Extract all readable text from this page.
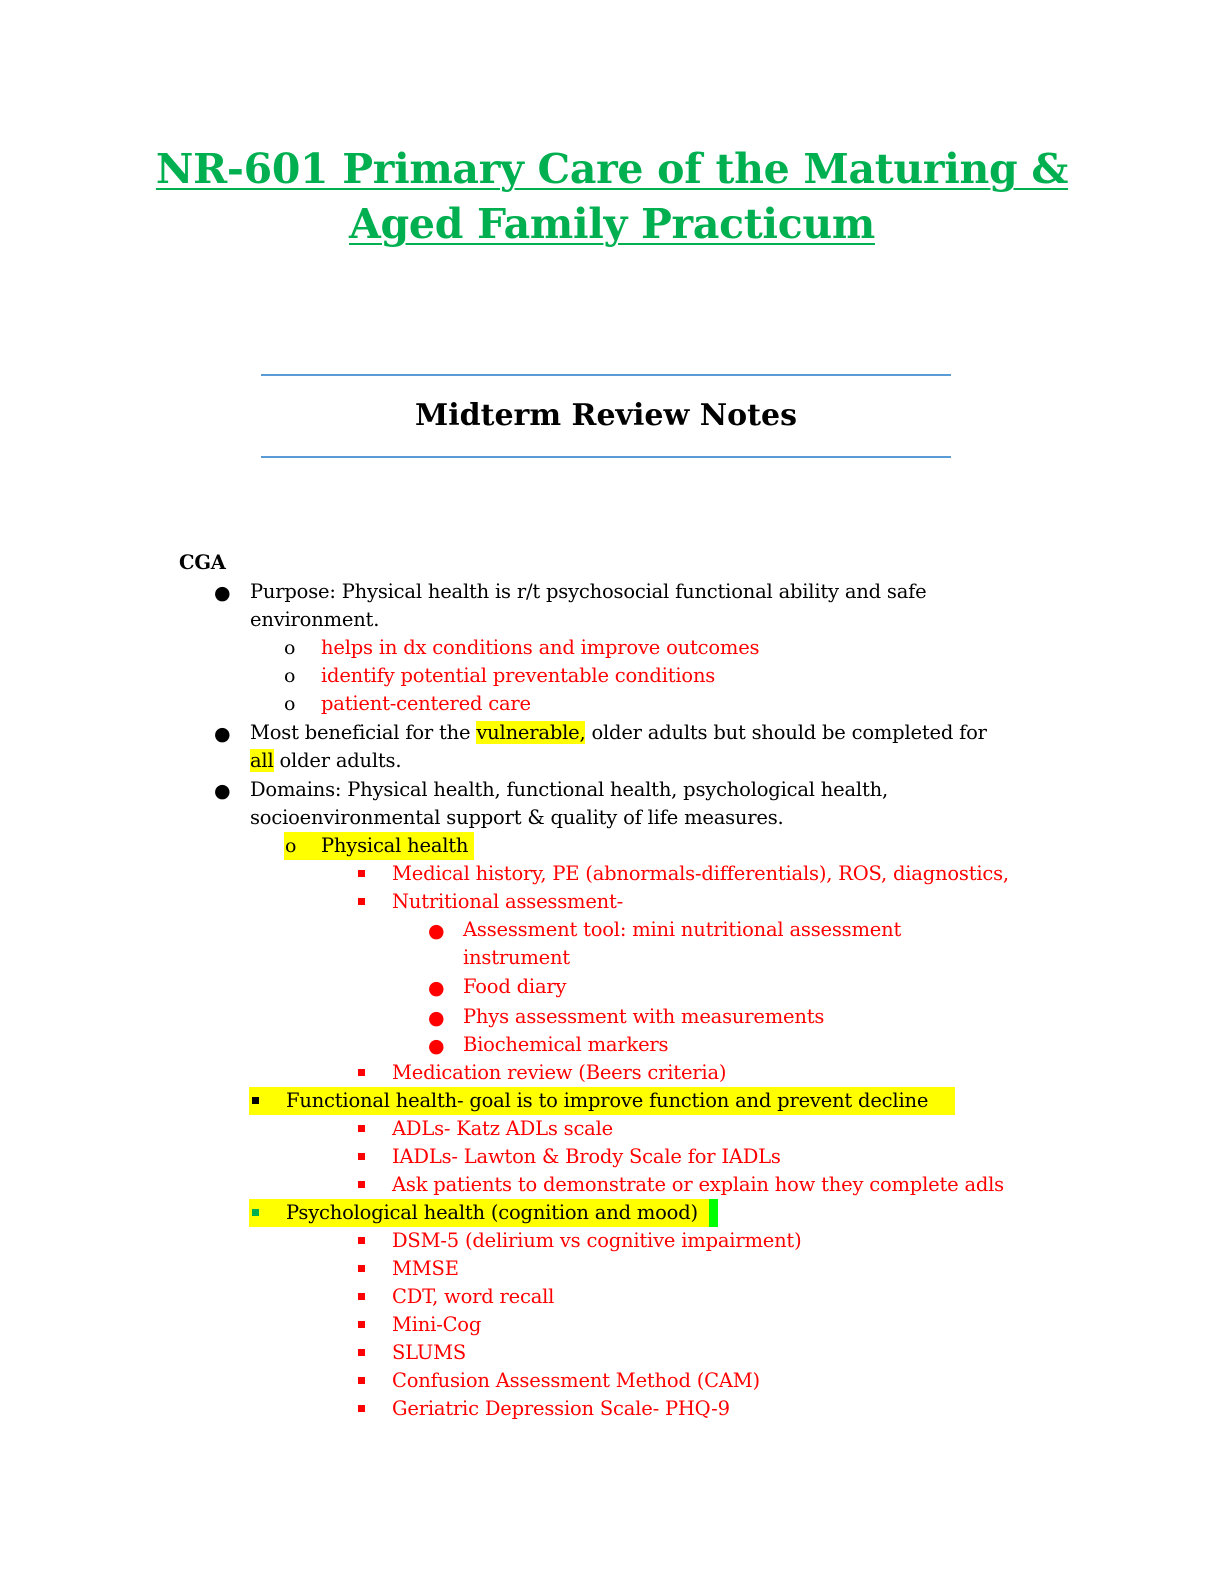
NR-601 Primary Care of the Maturing &
Aged Family Practicum
Midterm Review Notes
CGA
● Purpose: Physical health is r/t psychosocial functional ability and safe
environment.
o helps in dx conditions and improve outcomes
o identify potential preventable conditions
o patient-centered care
● Most beneficial for the vulnerable, older adults but should be completed for
all older adults.
● Domains: Physical health, functional health, psychological health,
socioenvironmental support & quality of life measures.
o Physical health
Medical history, PE (abnormals-differentials), ROS, diagnostics,
Nutritional assessment-
● Assessment tool: mini nutritional assessment
instrument
● Food diary
● Phys assessment with measurements
● Biochemical markers
Medication review (Beers criteria)
Functional health- goal is to improve function and prevent decline
ADLs- Katz ADLs scale
IADLs- Lawton & Brody Scale for IADLs
Ask patients to demonstrate or explain how they complete adls
Psychological health (cognition and mood)
DSM-5 (delirium vs cognitive impairment)
MMSE
CDT, word recall
Mini-Cog
SLUMS
Confusion Assessment Method (CAM)
Geriatric Depression Scale- PHQ-9
